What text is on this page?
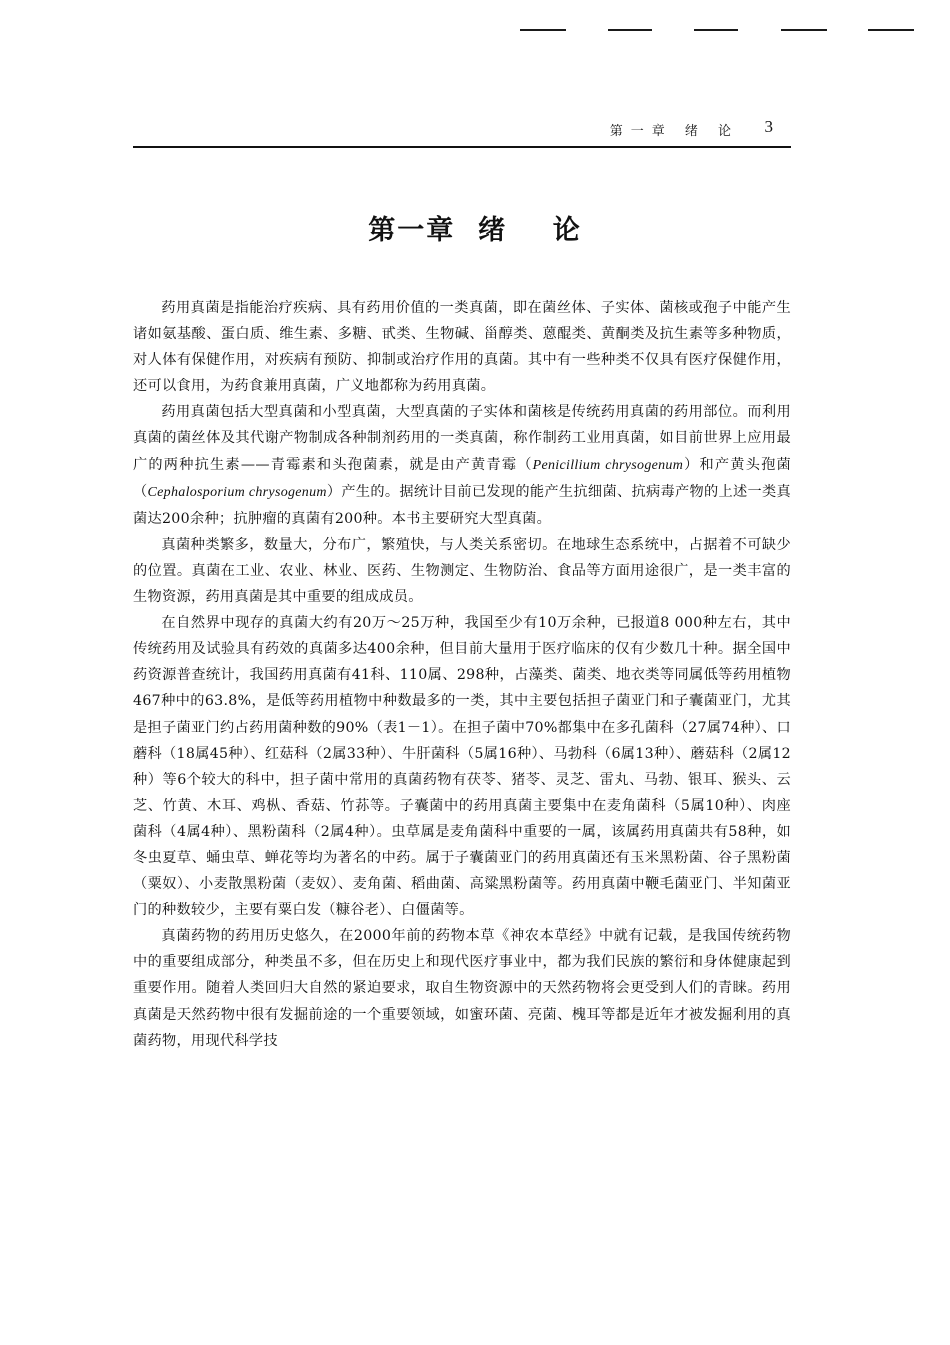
第一章 绪 论 3
第一章  绪    论

药用真菌是指能治疗疾病、具有药用价值的一类真菌，即在菌丝体、子实体、菌核或孢子中能产生诸如氨基酸、蛋白质、维生素、多糖、甙类、生物碱、甾醇类、蒽醌类、黄酮类及抗生素等多种物质，对人体有保健作用，对疾病有预防、抑制或治疗作用的真菌。其中有一些种类不仅具有医疗保健作用，还可以食用，为药食兼用真菌，广义地都称为药用真菌。

药用真菌包括大型真菌和小型真菌，大型真菌的子实体和菌核是传统药用真菌的药用部位。而利用真菌的菌丝体及其代谢产物制成各种制剂药用的一类真菌，称作制药工业用真菌，如目前世界上应用最广的两种抗生素——青霉素和头孢菌素，就是由产黄青霉（Penicillium chrysogenum）和产黄头孢菌（Cephalosporium chrysogenum）产生的。据统计目前已发现的能产生抗细菌、抗病毒产物的上述一类真菌达200余种；抗肿瘤的真菌有200种。本书主要研究大型真菌。

真菌种类繁多，数量大，分布广，繁殖快，与人类关系密切。在地球生态系统中，占据着不可缺少的位置。真菌在工业、农业、林业、医药、生物测定、生物防治、食品等方面用途很广，是一类丰富的生物资源，药用真菌是其中重要的组成成员。

在自然界中现存的真菌大约有20万～25万种，我国至少有10万余种，已报道8 000种左右，其中传统药用及试验具有药效的真菌多达400余种，但目前大量用于医疗临床的仅有少数几十种。据全国中药资源普查统计，我国药用真菌有41科、110属、298种，占藻类、菌类、地衣类等同属低等药用植物467种中的63.8%，是低等药用植物中种数最多的一类，其中主要包括担子菌亚门和子囊菌亚门，尤其是担子菌亚门约占药用菌种数的90%（表1－1）。在担子菌中70%都集中在多孔菌科（27属74种）、口蘑科（18属45种）、红菇科（2属33种）、牛肝菌科（5属16种）、马勃科（6属13种）、蘑菇科（2属12种）等6个较大的科中，担子菌中常用的真菌药物有茯苓、猪苓、灵芝、雷丸、马勃、银耳、猴头、云芝、竹黄、木耳、鸡枞、香菇、竹荪等。子囊菌中的药用真菌主要集中在麦角菌科（5属10种）、肉座菌科（4属4种）、黑粉菌科（2属4种）。虫草属是麦角菌科中重要的一属，该属药用真菌共有58种，如冬虫夏草、蛹虫草、蝉花等均为著名的中药。属于子囊菌亚门的药用真菌还有玉米黑粉菌、谷子黑粉菌（粟奴）、小麦散黑粉菌（麦奴）、麦角菌、稻曲菌、高粱黑粉菌等。药用真菌中鞭毛菌亚门、半知菌亚门的种数较少，主要有粟白发（糠谷老）、白僵菌等。

真菌药物的药用历史悠久，在2000年前的药物本草《神农本草经》中就有记载，是我国传统药物中的重要组成部分，种类虽不多，但在历史上和现代医疗事业中，都为我们民族的繁衍和身体健康起到重要作用。随着人类回归大自然的紧迫要求，取自生物资源中的天然药物将会更受到人们的青睐。药用真菌是天然药物中很有发掘前途的一个重要领域，如蜜环菌、亮菌、槐耳等都是近年才被发掘利用的真菌药物，用现代科学技
